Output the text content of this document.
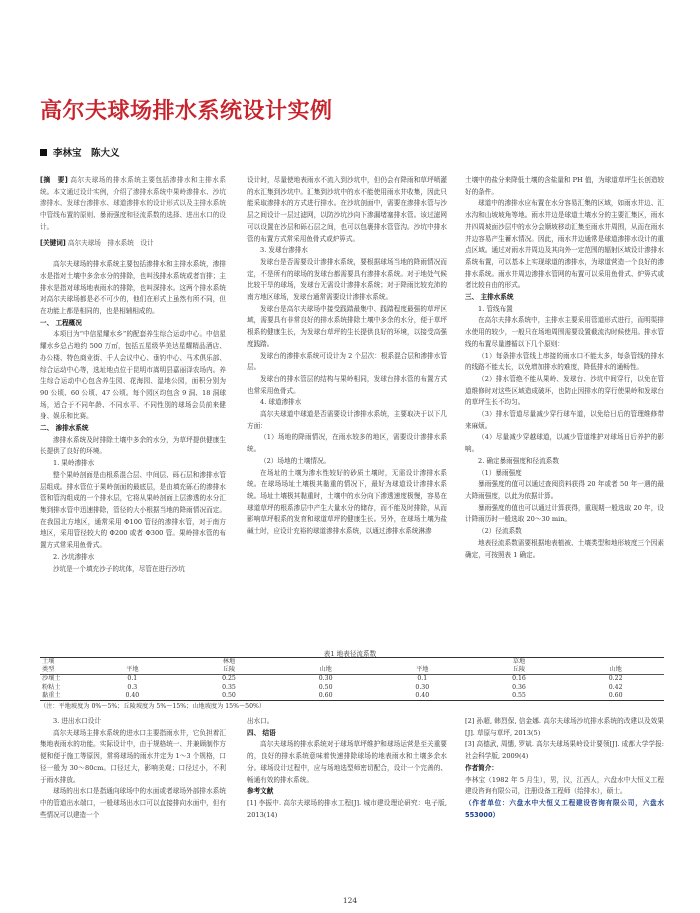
高尔夫球场排水系统设计实例
李林宝　陈大义

[摘　要] 高尔夫球场的排水系统主要包括渗排水和主排水系统。本文通过设计实例，介绍了渗排水系统中果岭渗排水、沙坑渗排水、发球台渗排水、球道渗排水的设计形式以及主排水系统中管线布置的原则、暴雨强度和径流系数的选择、进出水口的设计。

[关键词] 高尔夫球场　排水系统　设计

高尔夫球场的排水系统主要包括渗排水和主排水系统，渗排水是指对土壤中多余水分的排除，也叫浅排水系统或者盲排；主排水是指对球场地表雨水的排除，也叫深排水。这两个排水系统对高尔夫球场都是必不可少的，他们在形式上虽然有所不同，但在功能上都是相同的，也是相辅相成的。

一、 工程概况

本项目为“中信星耀水乡”的配套养生综合运动中心。中信星耀水乡总占地约 500 万㎡，包括五星级华美达星耀精品酒店、办公楼、特色商业街、千人会议中心、垂钓中心、马术俱乐部、综合运动中心等，选址地点位于昆明市嵩明县嘉丽泽农场内。养生综合运动中心包含养生园、花海园、湿地公园，面积分别为 90 公顷、60 公顷、47 公顷。每个园区均包含 9 洞、18 洞球场，适合于不同年龄、不同水平、不同性别的球场会员前来健身、娱乐和比赛。

二、 渗排水系统

渗排水系统及时排除土壤中多余的水分，为草坪提供健康生长提供了良好的环境。

1. 果岭渗排水

整个果岭剖面是由根系混合层、中间层、砾石层和渗排水管层组成。排水管位于果岭剖面的最底层，是由填充砾石的渗排水管和管沟组成的一个排水层，它将从果岭剖面上层渗透的水分汇集到排水管中迅速排除，管径的大小根据当地的降雨情况而定。在我国北方地区，通常采用 Φ100 管径的渗排水管，对于南方地区，采用管径较大的 Φ200 或者 Φ300 管。果岭排水管的布置方式常采用鱼骨式。

2. 沙坑渗排水

沙坑是一个填充沙子的坑体，尽管在进行沙坑

设计时，尽量使地表雨水不流入到沙坑中，但仍会有降雨和草坪喷灌的水汇集到沙坑中。汇集到沙坑中的水不能使用雨水井收集，因此只能采取渗排水的方式进行排水。在沙坑剖面中，需要在渗排水管与沙层之间设计一层过滤网，以防沙坑沙向下渗漏堵塞排水管。该过滤网可以设置在沙层和砾石层之间，也可以包裹排水管管沟。沙坑中排水管的布置方式常采用鱼骨式或炉箅式。

3. 发球台渗排水

发球台是否需要设计渗排水系统，要根据球场当地的降雨情况而定，不是所有的球场的发球台都需要具有渗排水系统。对于地处气候比较干旱的球场，发球台无需设计渗排水系统；对于降雨比较充沛的南方地区球场，发球台通常需要设计渗排水系统。

发球台是高尔夫球场中接受践踏最集中、践踏程度最强的草坪区域，需要具有非常良好的排水系统排除土壤中多余的水分，便于草坪根系的健康生长，为发球台草坪的生长提供良好的环境，以接受高强度践踏。

发球台的渗排水系统可设计为 2 个层次：根系混合层和渗排水管层。

发球台的排水管层的结构与果岭相同，发球台排水管的布置方式也常采用鱼骨式。

4. 球道渗排水

高尔夫球道中球道是否需要设计渗排水系统，主要取决于以下几方面：

（1）场地的降雨情况，在雨水较多的地区，需要设计渗排水系统。

（2）场地的土壤情况。

在场址的土壤为渗水性较好的砂质土壤时，无需设计渗排水系统。在球场场址土壤极其黏重的情况下，最好为球道设计渗排水系统。场址土壤极其黏重时，土壤中的水分向下渗透速度极慢，容易在球道草坪的根系渗层中产生大量水分的储存，而不能及时排除，从而影响草坪根系的发育和球道草坪的健康生长。另外，在球场土壤为盐碱土时，应设计充裕的球道渗排水系统，以通过渗排水系统淋渗

土壤中的盐分来降低土壤的含盐量和 PH 值，为球道草坪生长创造较好的条件。

球道中的渗排水应布置在水分容易汇集的区域，如雨水井边、汇水沟和山坡坡角等地。雨水井边是球道土壤水分的主要汇集区，雨水井四周坡面沙层中的水分会顺坡移动汇集至雨水井周围，从而在雨水井边容易产生蓄水情况。因此，雨水井边通常是球道渗排水设计的重点区域。通过对雨水井周边及其向外一定范围的辐射区域设计渗排水系统布置，可以基本上实现球道的渗排水，为球道营造一个良好的渗排水系统。雨水井周边渗排水管网的布置可以采用鱼骨式、炉箅式或者比较自由的形式。

三、 主排水系统

1. 管线布置

在高尔夫排水系统中，主排水主要采用管道形式进行，而明渠排水使用的较少，一般只在场地周围需要设置截流沟时候使用。排水管线的布置尽量遵循以下几个原则：

（1）每条排水管线上串接的雨水口不能太多，每条管线的排水的线路不能太长，以免增加排水的难度，降低排水的通畅性。

（2）排水管绝不能从果岭、发球台、沙坑中间穿行，以免在管道维修时对这些区域造成破坏，也防止因排水的穿行使果岭和发球台的草坪生长不均匀。

（3）排水管道尽量减少穿行球车道，以免给日后的管理维修带来麻烦。

（4）尽量减少穿越球道，以减少管道维护对球场日后养护的影响。

2. 确定暴雨强度和径流系数

（1）暴雨强度

暴雨强度的值可以通过查阅资料获得 20 年或者 50 年一遇的最大降雨强度，以此为依据计算。

暴雨强度的值也可以通过计算获得，重现期一般选取 20 年，设计降雨历时一般选取 20～30 min。

（2）径流系数

地表径流系数需要根据地表植被、土壤类型和地形坡度三个因素确定，可按照表 1 确定。

表1 地表径流系数
土壤	林地			草地		
类型	平地	丘陵	山地	平地	丘陵	山地
沙壤土	0.1	0.25	0.30	0.1	0.16	0.22
粉粘土	0.3	0.35	0.50	0.30	0.36	0.42
黏重土	0.40	0.50	0.60	0.40	0.55	0.60
（注：平地坡度为 0%～5%；丘陵坡度为 5%～15%；山地坡度为 15%～50%）

3. 进出水口设计

高尔夫球场主排水系统的进水口主要指雨水井，它负担着汇集地表雨水的功能。实际设计中，由于规格统一、并兼顾制作方便和便于施工等原因，常将球场的雨水井定为 1～3 个规格，口径一般为 30～80cm。口径过大，影响美观；口径过小，不利于雨水排放。

球场的出水口是指通向球场中的水面或者球场外部排水系统中的管道出水端口，一般球场出水口可以直接排向水面中，但有些情况可以建造一个

出水口。

四、 结语

高尔夫球场的排水系统对于球场草坪维护和球场运营是至关重要的，良好的排水系统意味着快速排除球场的地表雨水和土壤多余水分。球场设计过程中，应与场地选型师密切配合，设计一个完善的、畅通有效的排水系统。

参考文献

[1] 李振中. 高尔夫球场的排水工程[J]. 城市建设理论研究：电子版, 2013(14)

[2] 孙超, 韩烈保, 信金娜. 高尔夫球场沙坑排水系统的改建以及效果[J]. 草原与草坪, 2013(5)

[3] 高德武, 周憓, 罗斌. 高尔夫球场果岭设计要领[J]. 成都大学学报: 社会科学版, 2009(4)

作者简介：

李林宝（1982 年 5 月生），男，汉，江西人，六盘水中大恒义工程建设咨询有限公司，注册设备工程师（给排水），硕士。

（作者单位：六盘水中大恒义工程建设咨询有限公司，六盘水 553000）

124
